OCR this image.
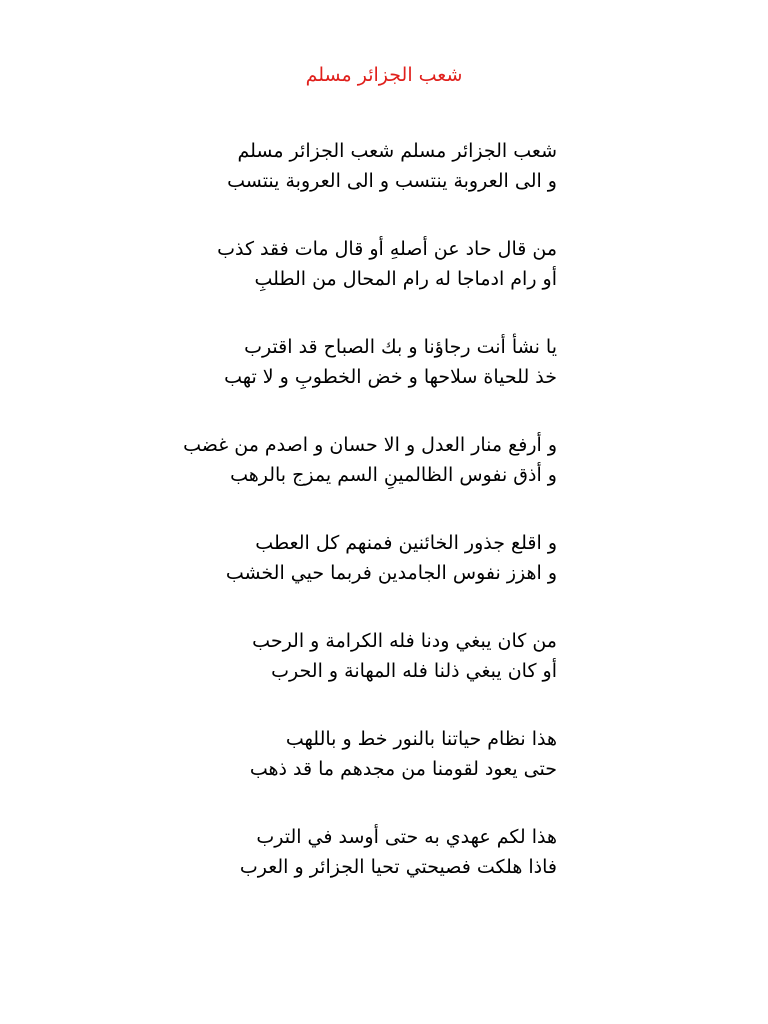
شعب الجزائر مسلم
شعب الجزائر مسلم شعب الجزائر مسلم
و الى العروبة ينتسب و الى العروبة ينتسب
من قال حاد عن أصلهِ أو قال مات فقد كذب
أو رام ادماجا له رام المحال من الطلبِ
يا نشأ أنت رجاؤنا و بك الصباح قد اقترب
خذ للحياة سلاحها و خض الخطوبِ و لا تهب
و أرفع منار العدل و الا حسان و اصدم من غضب
و أذق نفوس الظالمينِ السم يمزج بالرهب
و اقلع جذور الخائنين فمنهم كل العطب
و اهزز نفوس الجامدين فربما حيي الخشب
من كان يبغي ودنا فله الكرامة و الرحب
أو كان يبغي ذلنا فله المهانة و الحرب
هذا نظام حياتنا بالنور خط و باللهب
حتى يعود لقومنا من مجدهم ما قد ذهب
هذا لكم عهدي به حتى أوسد في الترب
فاذا هلكت فصيحتي تحيا الجزائر و العرب
